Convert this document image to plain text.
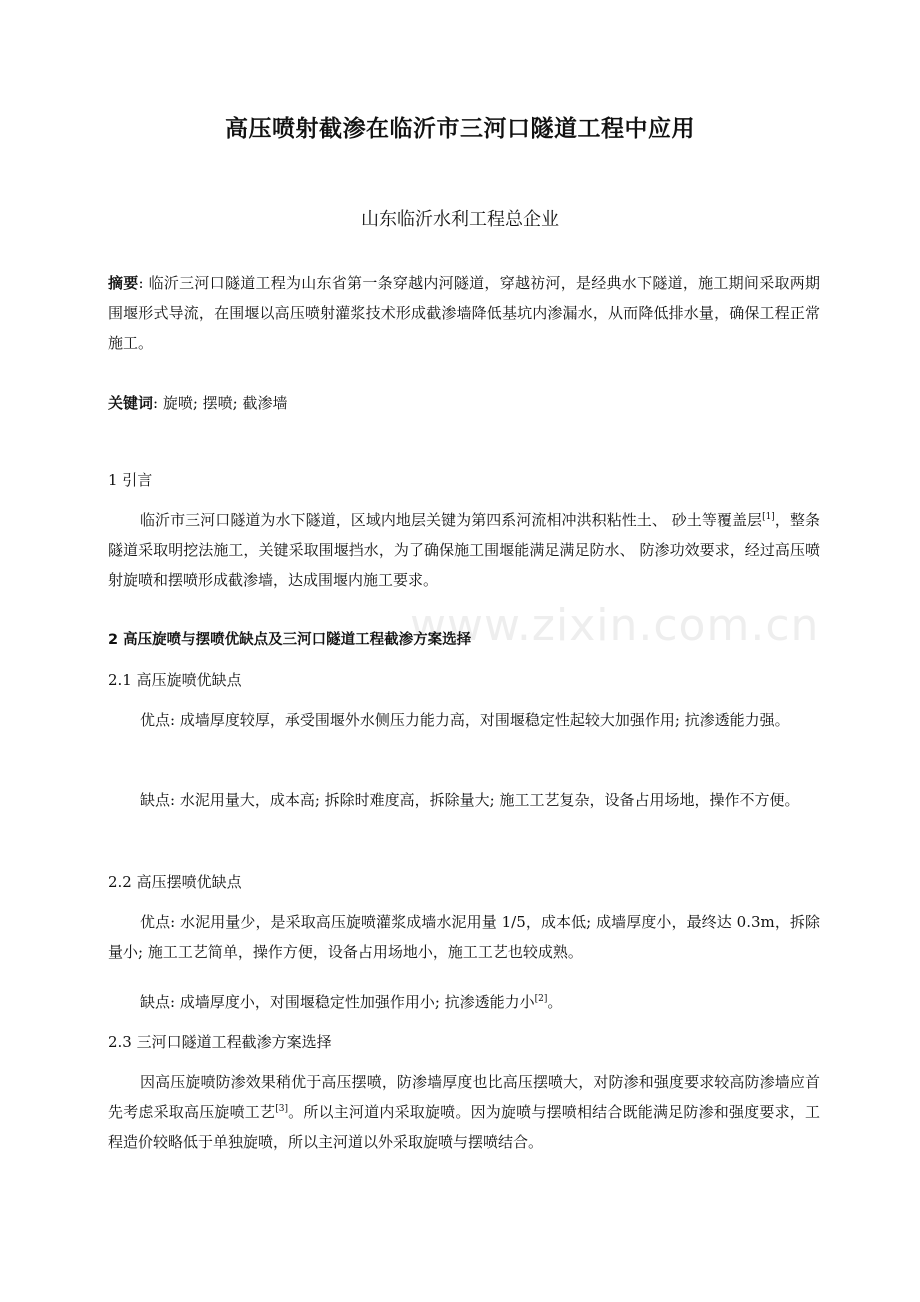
www.zixin.com.cn
高压喷射截渗在临沂市三河口隧道工程中应用
山东临沂水利工程总企业
摘要: 临沂三河口隧道工程为山东省第一条穿越内河隧道，穿越祊河，是经典水下隧道，施工期间采取两期围堰形式导流，在围堰以高压喷射灌浆技术形成截渗墙降低基坑内渗漏水，从而降低排水量，确保工程正常施工。
关键词: 旋喷; 摆喷; 截渗墙
1 引言
临沂市三河口隧道为水下隧道，区域内地层关键为第四系河流相冲洪积粘性土、 砂土等覆盖层[1]，整条隧道采取明挖法施工，关键采取围堰挡水，为了确保施工围堰能满足满足防水、 防渗功效要求，经过高压喷射旋喷和摆喷形成截渗墙，达成围堰内施工要求。
2 高压旋喷与摆喷优缺点及三河口隧道工程截渗方案选择
2.1 高压旋喷优缺点
优点: 成墙厚度较厚，承受围堰外水侧压力能力高，对围堰稳定性起较大加强作用; 抗渗透能力强。
缺点: 水泥用量大，成本高; 拆除时难度高，拆除量大; 施工工艺复杂，设备占用场地，操作不方便。
2.2 高压摆喷优缺点
优点: 水泥用量少，是采取高压旋喷灌浆成墙水泥用量 1/5，成本低; 成墙厚度小，最终达 0.3m，拆除量小; 施工工艺简单，操作方便，设备占用场地小，施工工艺也较成熟。
缺点: 成墙厚度小，对围堰稳定性加强作用小; 抗渗透能力小[2]。
2.3 三河口隧道工程截渗方案选择
因高压旋喷防渗效果稍优于高压摆喷，防渗墙厚度也比高压摆喷大，对防渗和强度要求较高防渗墙应首先考虑采取高压旋喷工艺[3]。所以主河道内采取旋喷。因为旋喷与摆喷相结合既能满足防渗和强度要求，工程造价较略低于单独旋喷，所以主河道以外采取旋喷与摆喷结合。
